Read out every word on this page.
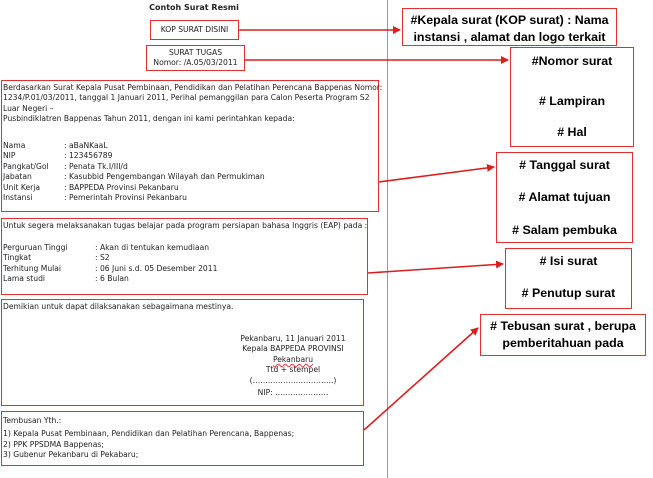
Contoh Surat Resmi
KOP SURAT DISINI
SURAT TUGAS
Nomor: /A.05/03/2011
Berdasarkan Surat Kepala Pusat Pembinaan, Pendidikan dan Pelatihan Perencana Bappenas Nomor:
1234/P.01/03/2011, tanggal 1 Januari 2011, Perihal pemanggilan para Calon Peserta Program S2
Luar Negeri –
Pusbindiklatren Bappenas Tahun 2011, dengan ini kami perintahkan kepada:
Nama	: aBaNKaaL
NIP	: 123456789
Pangkat/Gol : Penata Tk.I/III/d
Jabatan	: Kasubbid Pengembangan Wilayah dan Permukiman
Unit Kerja	: BAPPEDA Provinsi Pekanbaru
Instansi	: Pemerintah Provinsi Pekanbaru
Untuk segera melaksanakan tugas belajar pada program persiapan bahasa Inggris (EAP) pada :
Perguruan Tinggi	: Akan di tentukan kemudiaan
Tingkat	: S2
Terhitung Mulai	: 06 Juni s.d. 05 Desember 2011
Lama studi	: 6 Bulan
Demikian untuk dapat dilaksanakan sebagaimana mestinya.
Pekanbaru, 11 Januari 2011
Kepala BAPPEDA PROVINSI
Pekanbaru
Ttd + stempel
(…………………………..)
NIP: …………………
Tembusan Yth.:
1) Kepala Pusat Pembinaan, Pendidikan dan Pelatihan Perencana, Bappenas;
2) PPK PPSDMA Bappenas;
3) Gubenur Pekanbaru di Pekabaru;
#Kepala surat (KOP surat) : Nama
instansi , alamat dan logo terkait
#Nomor surat
# Lampiran
# Hal
# Tanggal surat
# Alamat tujuan
# Salam pembuka
# Isi surat
# Penutup surat
# Tebusan surat , berupa
pemberitahuan pada
